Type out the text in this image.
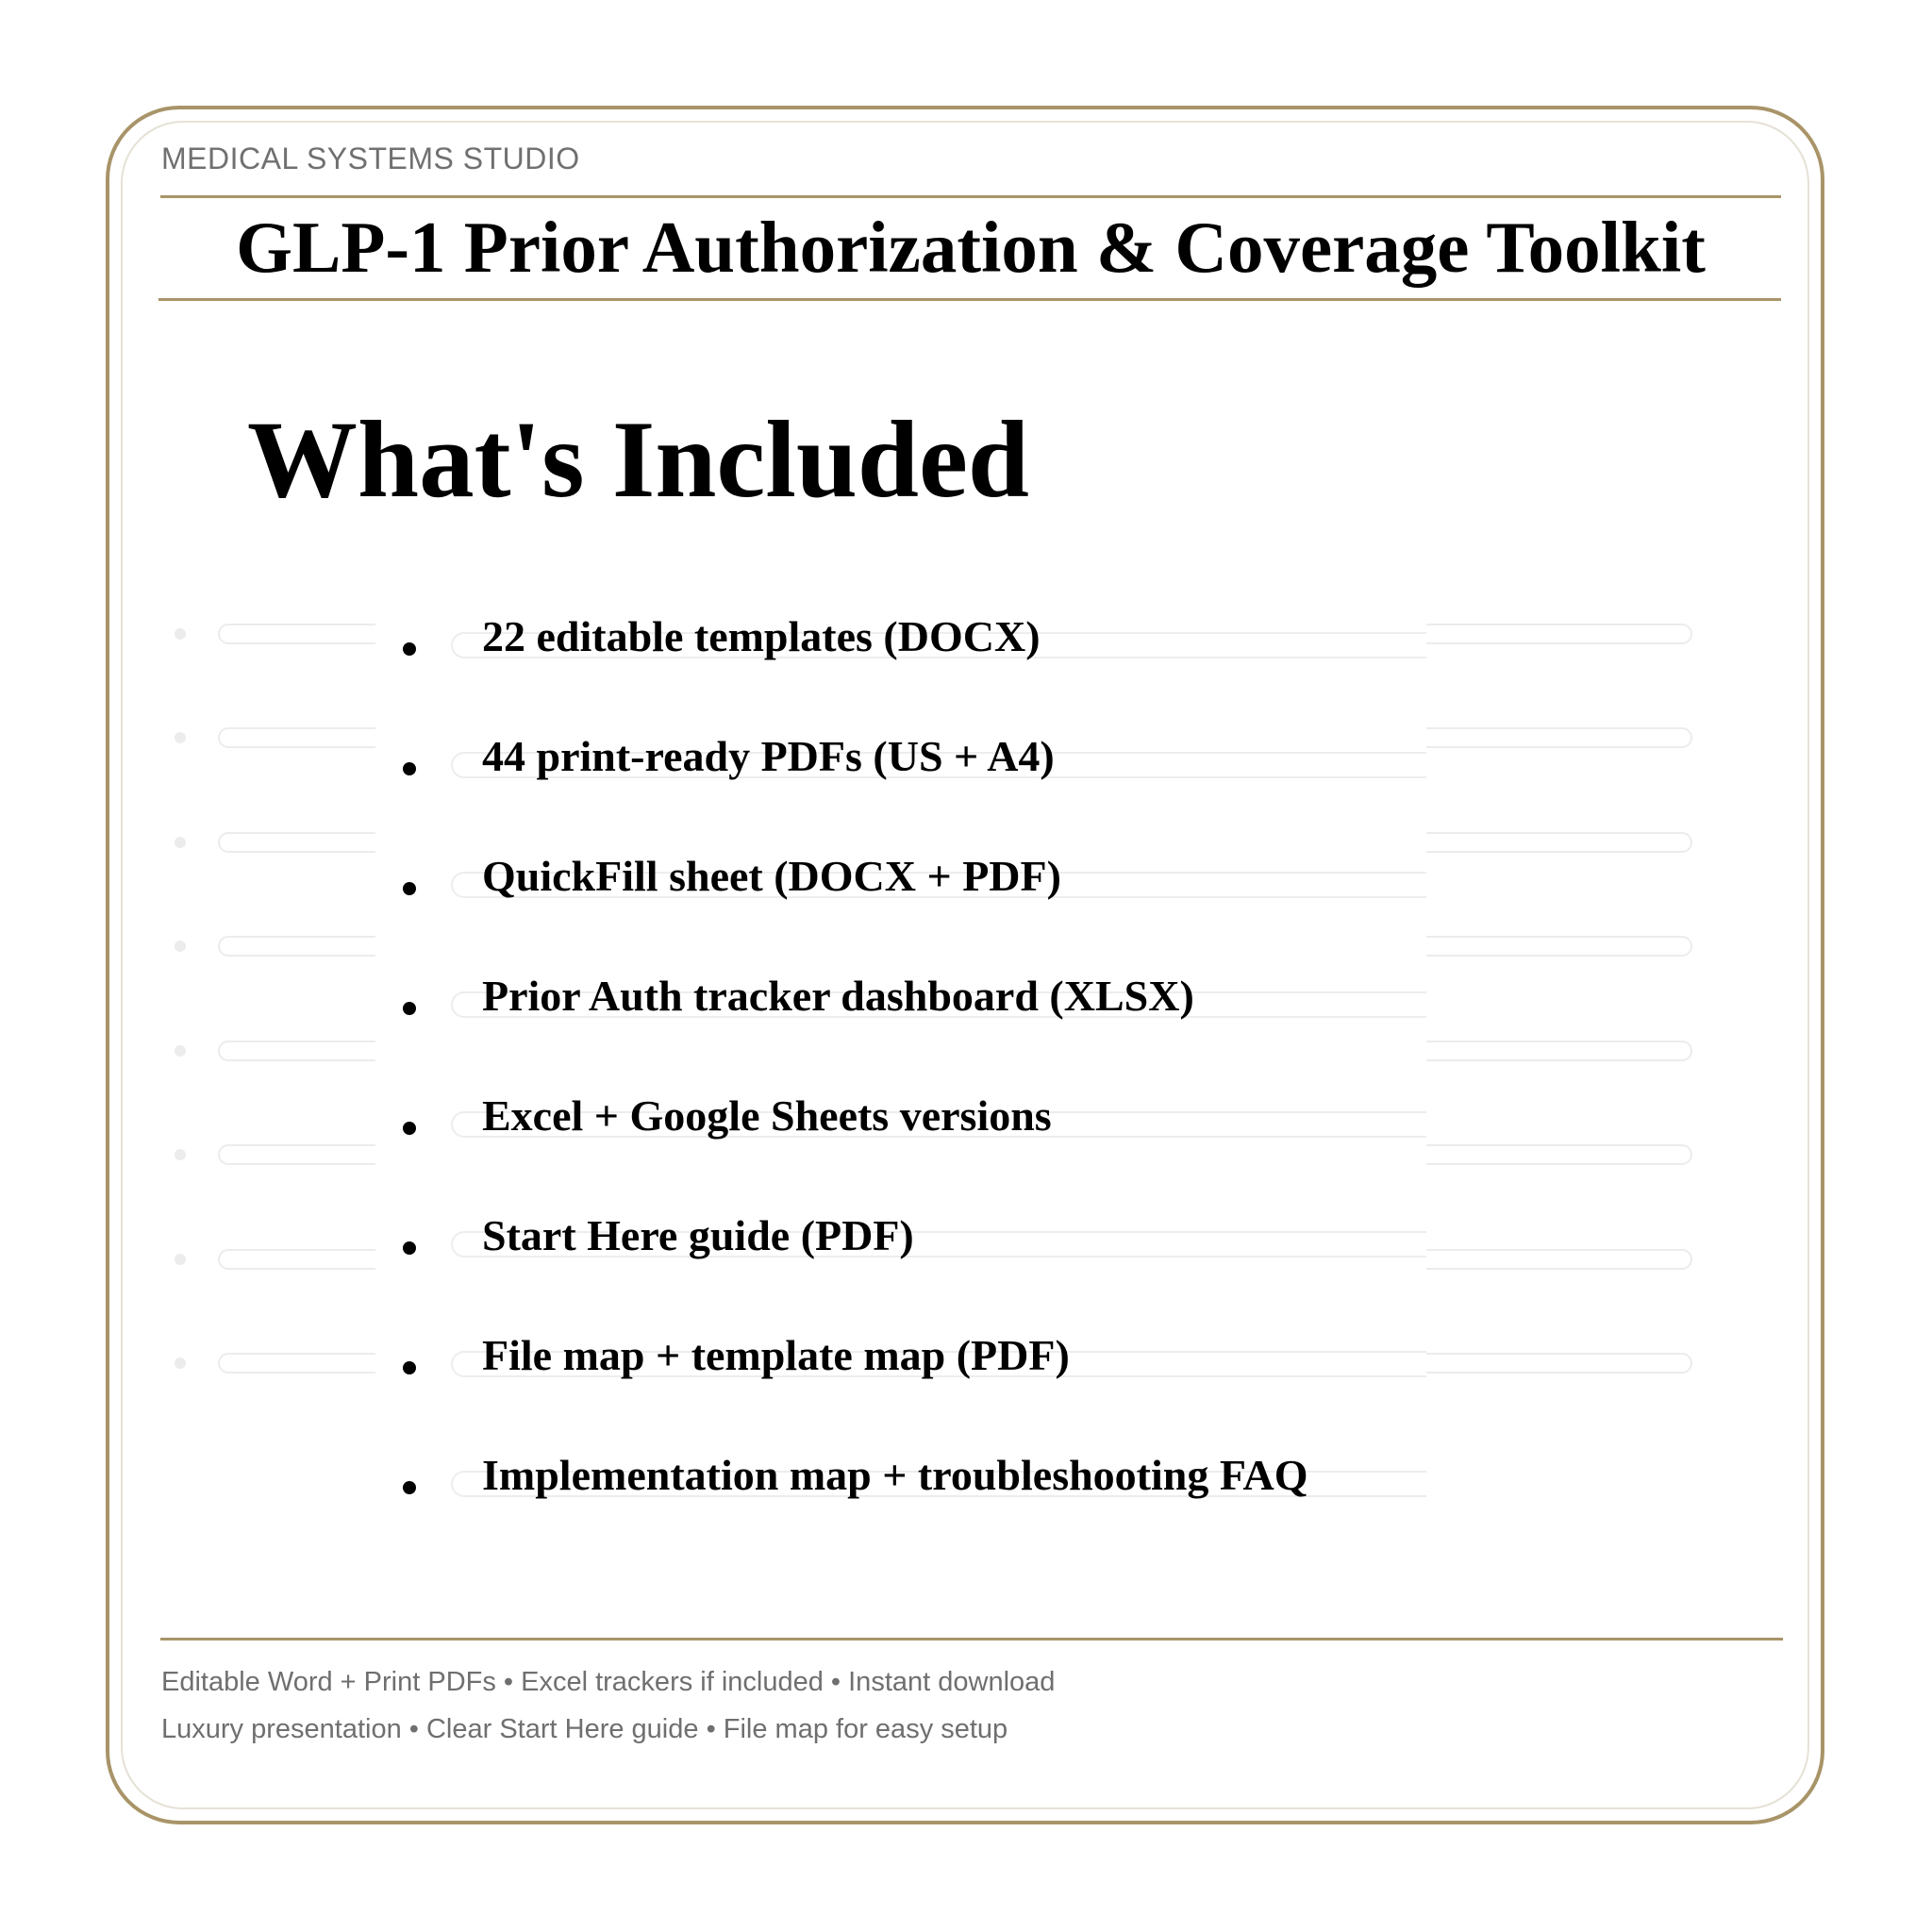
MEDICAL SYSTEMS STUDIO
GLP-1 Prior Authorization & Coverage Toolkit
What's Included
22 editable templates (DOCX)
44 print-ready PDFs (US + A4)
QuickFill sheet (DOCX + PDF)
Prior Auth tracker dashboard (XLSX)
Excel + Google Sheets versions
Start Here guide (PDF)
File map + template map (PDF)
Implementation map + troubleshooting FAQ
Editable Word + Print PDFs • Excel trackers if included • Instant download
Luxury presentation • Clear Start Here guide • File map for easy setup
